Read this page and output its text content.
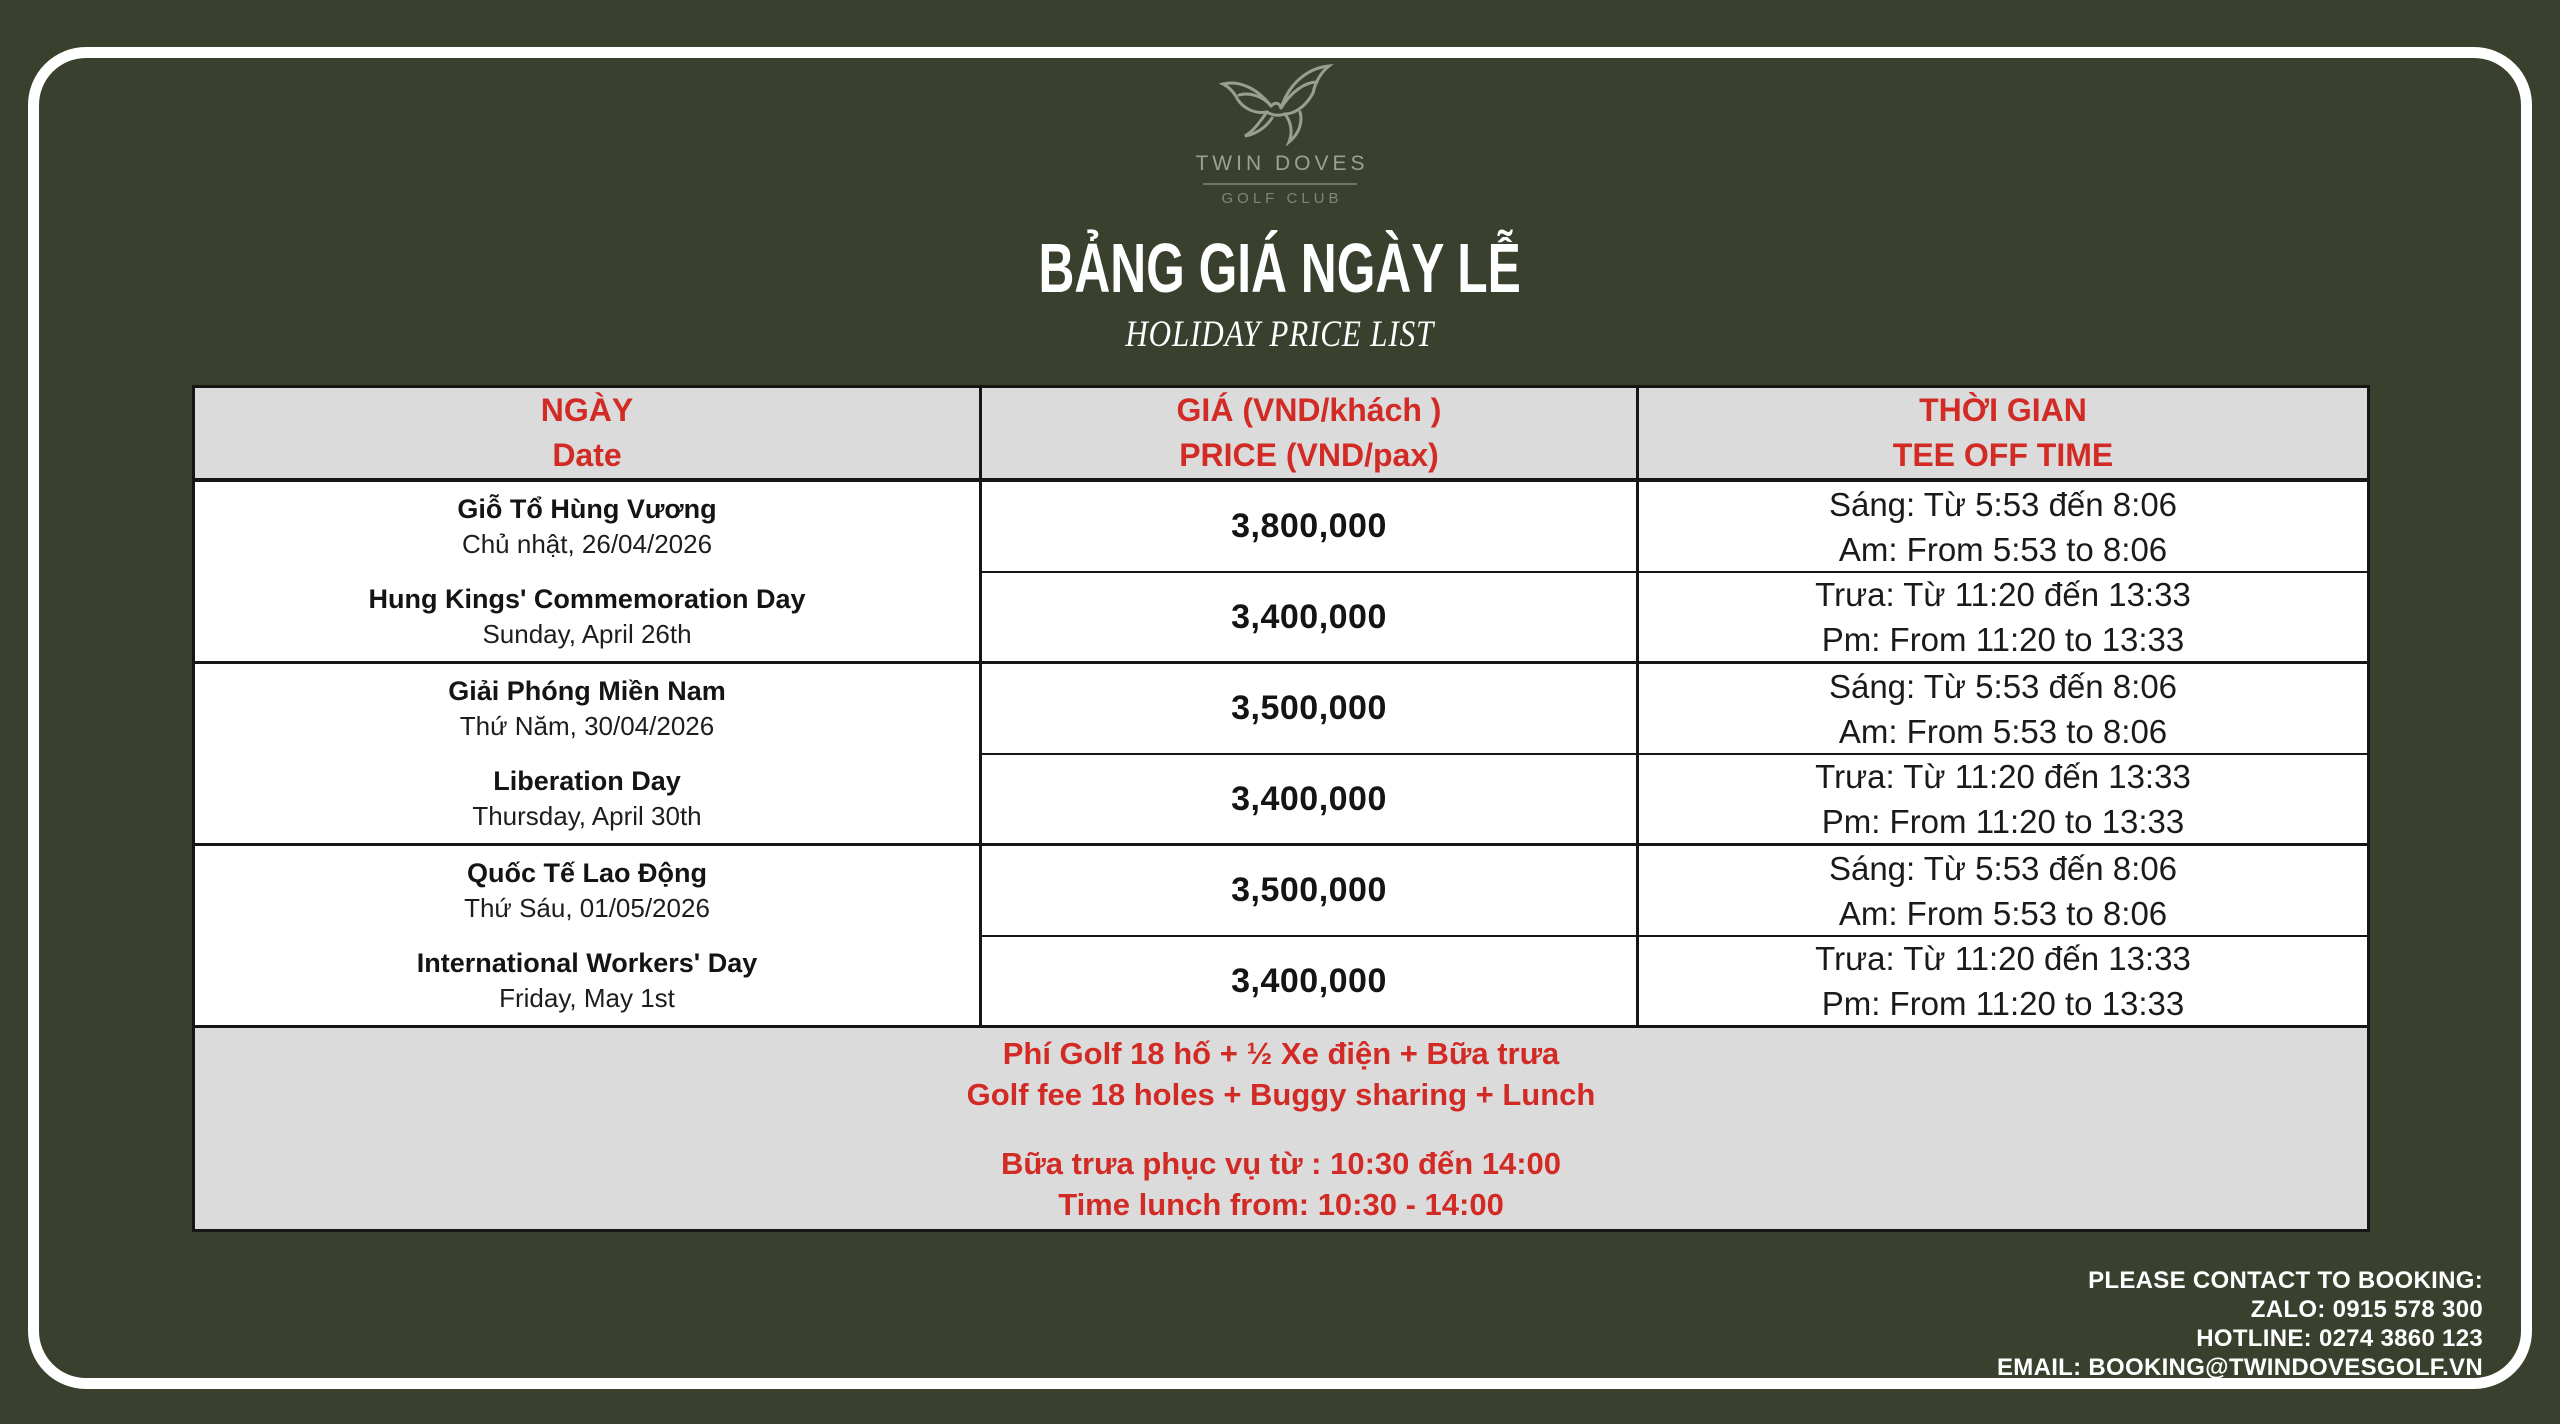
TWIN DOVES
GOLF CLUB
BẢNG GIÁ NGÀY LỄ
HOLIDAY PRICE LIST
NGÀY
Date
GIÁ (VND/khách )
PRICE (VND/pax)
THỜI GIAN
TEE OFF TIME
Giỗ Tổ Hùng Vương
Chủ nhật, 26/04/2026
Hung Kings' Commemoration Day
Sunday, April 26th
3,800,000
Sáng: Từ 5:53 đến 8:06
Am: From 5:53 to 8:06
3,400,000
Trưa: Từ 11:20 đến 13:33
Pm: From 11:20 to 13:33
Giải Phóng Miền Nam
Thứ Năm, 30/04/2026
Liberation Day
Thursday, April 30th
3,500,000
Sáng: Từ 5:53 đến 8:06
Am: From 5:53 to 8:06
3,400,000
Trưa: Từ 11:20 đến 13:33
Pm: From 11:20 to 13:33
Quốc Tế Lao Động
Thứ Sáu, 01/05/2026
International Workers' Day
Friday, May 1st
3,500,000
Sáng: Từ 5:53 đến 8:06
Am: From 5:53 to 8:06
3,400,000
Trưa: Từ 11:20 đến 13:33
Pm: From 11:20 to 13:33
Phí Golf 18 hố + ½ Xe điện + Bữa trưa
Golf fee 18 holes + Buggy sharing + Lunch
Bữa trưa phục vụ từ : 10:30 đến 14:00
Time lunch from: 10:30 - 14:00
PLEASE CONTACT TO BOOKING:
ZALO: 0915 578 300
HOTLINE: 0274 3860 123
EMAIL: BOOKING@TWINDOVESGOLF.VN
